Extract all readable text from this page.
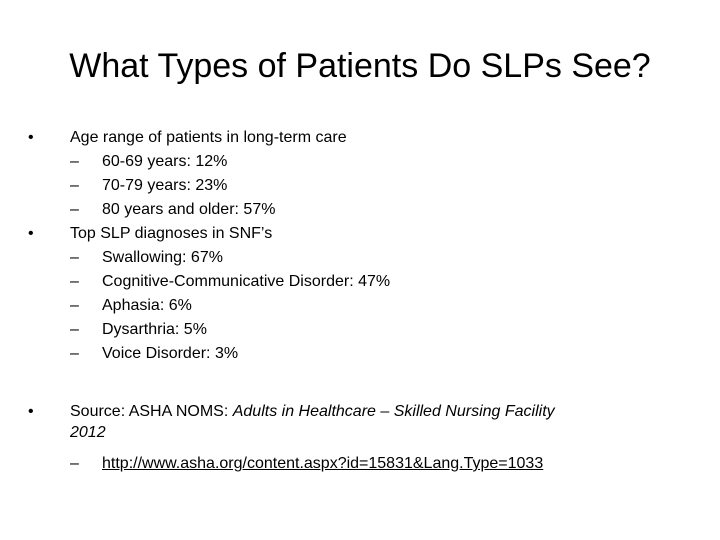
What Types of Patients Do SLPs See?
•	Age range of patients in long-term care
–	60-69 years: 12%
–	70-79 years: 23%
–	80 years and older: 57%
•	Top SLP diagnoses in SNF’s
–	Swallowing: 67%
–	Cognitive-Communicative Disorder: 47%
–	Aphasia: 6%
–	Dysarthria: 5%
–	Voice Disorder: 3%
•	Source: ASHA NOMS: Adults in Healthcare – Skilled Nursing Facility
2012
–	http://www.asha.org/content.aspx?id=15831&Lang.Type=1033
